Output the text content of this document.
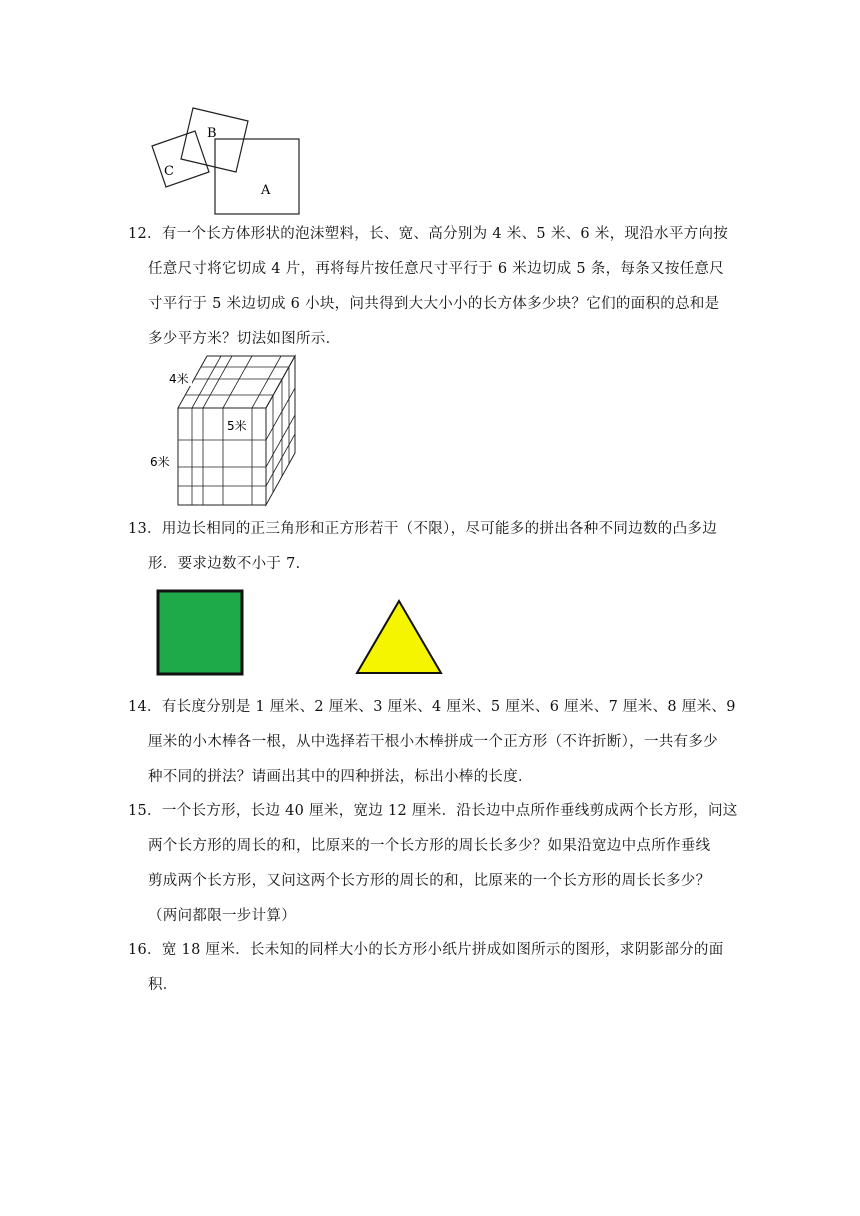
A
B
C
12．有一个长方体形状的泡沫塑料，长、宽、高分别为 4 米、5 米、6 米，现沿水平方向按
任意尺寸将它切成 4 片，再将每片按任意尺寸平行于 6 米边切成 5 条，每条又按任意尺
寸平行于 5 米边切成 6 小块，问共得到大大小小的长方体多少块？它们的面积的总和是
多少平方米？切法如图所示．
4米
5米
6米
13．用边长相同的正三角形和正方形若干（不限），尽可能多的拼出各种不同边数的凸多边
形．要求边数不小于 7．
14．有长度分别是 1 厘米、2 厘米、3 厘米、4 厘米、5 厘米、6 厘米、7 厘米、8 厘米、9
厘米的小木棒各一根，从中选择若干根小木棒拼成一个正方形（不许折断），一共有多少
种不同的拼法？请画出其中的四种拼法，标出小棒的长度．
15．一个长方形，长边 40 厘米，宽边 12 厘米．沿长边中点所作垂线剪成两个长方形，问这
两个长方形的周长的和，比原来的一个长方形的周长长多少？如果沿宽边中点所作垂线
剪成两个长方形，又问这两个长方形的周长的和，比原来的一个长方形的周长长多少？
（两问都限一步计算）
16．宽 18 厘米．长未知的同样大小的长方形小纸片拼成如图所示的图形，求阴影部分的面
积．
